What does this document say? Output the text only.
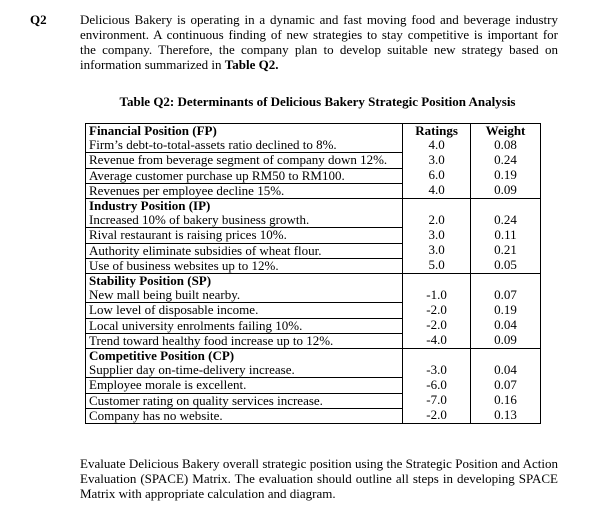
Q2	Delicious Bakery is operating in a dynamic and fast moving food and beverage industry environment. A continuous finding of new strategies to stay competitive is important for the company. Therefore, the company plan to develop suitable new strategy based on information summarized in Table Q2.
Table Q2: Determinants of Delicious Bakery Strategic Position Analysis
Financial Position (FP)	Ratings	Weight
Firm’s debt-to-total-assets ratio declined to 8%.	4.0	0.08
Revenue from beverage segment of company down 12%.	3.0	0.24
Average customer purchase up RM50 to RM100.	6.0	0.19
Revenues per employee decline 15%.	4.0	0.09
Industry Position (IP)		
Increased 10% of bakery business growth.	2.0	0.24
Rival restaurant is raising prices 10%.	3.0	0.11
Authority eliminate subsidies of wheat flour.	3.0	0.21
Use of business websites up to 12%.	5.0	0.05
Stability Position (SP)		
New mall being built nearby.	-1.0	0.07
Low level of disposable income.	-2.0	0.19
Local university enrolments failing 10%.	-2.0	0.04
Trend toward healthy food increase up to 12%.	-4.0	0.09
Competitive Position (CP)		
Supplier day on-time-delivery increase.	-3.0	0.04
Employee morale is excellent.	-6.0	0.07
Customer rating on quality services increase.	-7.0	0.16
Company has no website.	-2.0	0.13
Evaluate Delicious Bakery overall strategic position using the Strategic Position and Action Evaluation (SPACE) Matrix. The evaluation should outline all steps in developing SPACE Matrix with appropriate calculation and diagram.
